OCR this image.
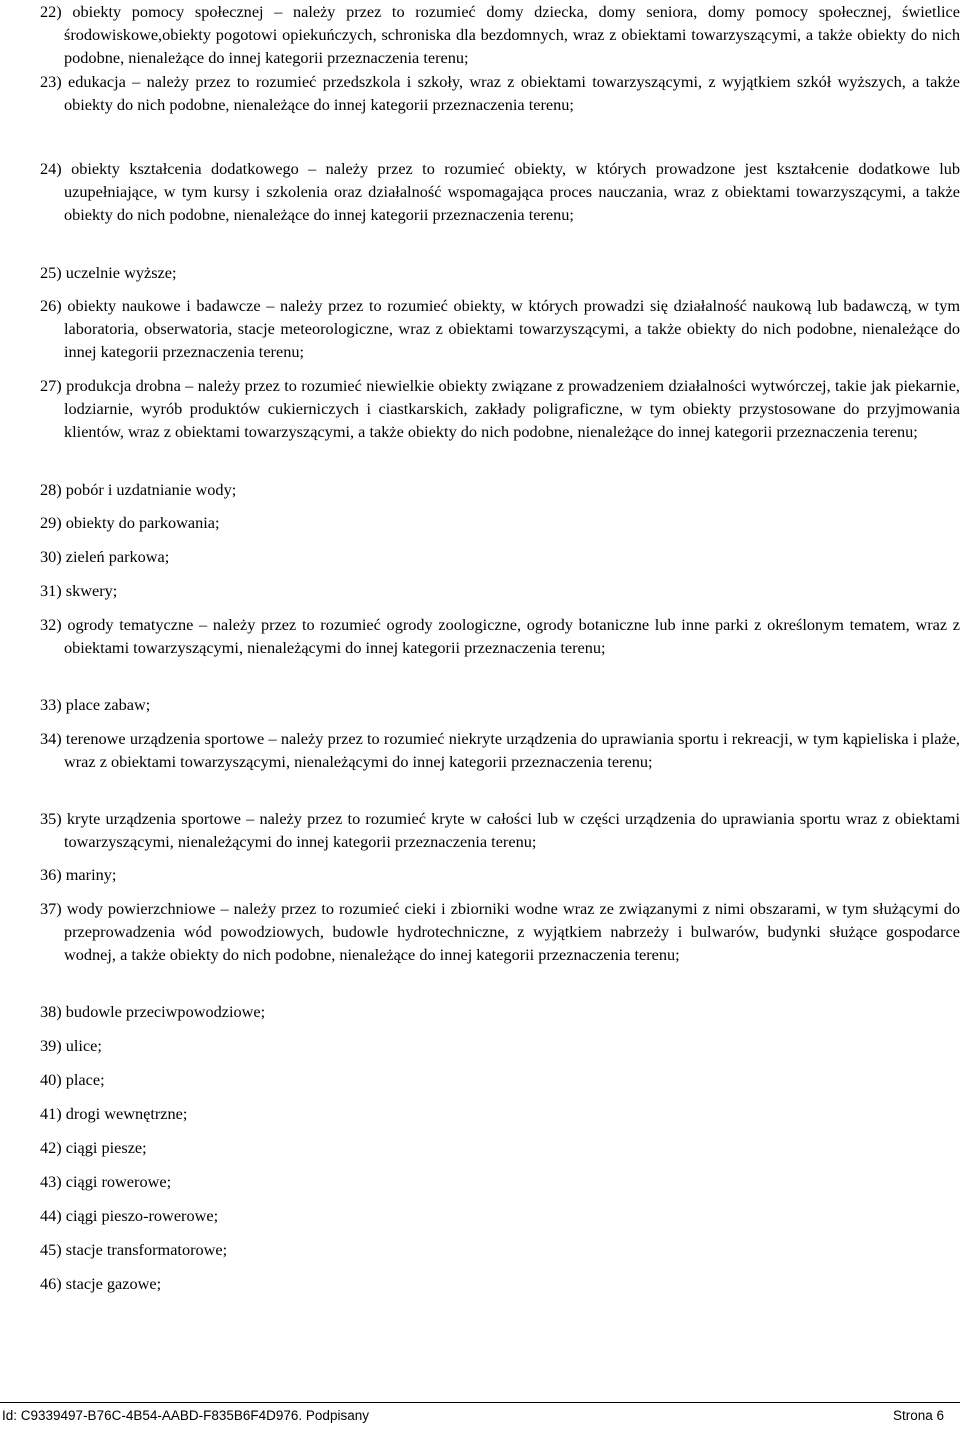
22) obiekty pomocy społecznej – należy przez to rozumieć domy dziecka, domy seniora, domy pomocy społecznej, świetlice środowiskowe,obiekty pogotowi opiekuńczych, schroniska dla bezdomnych, wraz z obiektami towarzyszącymi, a także obiekty do nich podobne, nienależące do innej kategorii przeznaczenia terenu;

23) edukacja – należy przez to rozumieć przedszkola i szkoły, wraz z obiektami towarzyszącymi, z wyjątkiem szkół wyższych, a także obiekty do nich podobne, nienależące do innej kategorii przeznaczenia terenu;

24) obiekty kształcenia dodatkowego – należy przez to rozumieć obiekty, w których prowadzone jest kształcenie dodatkowe lub uzupełniające, w tym kursy i szkolenia oraz działalność wspomagająca proces nauczania, wraz z obiektami towarzyszącymi, a także obiekty do nich podobne, nienależące do innej kategorii przeznaczenia terenu;

25) uczelnie wyższe;

26) obiekty naukowe i badawcze – należy przez to rozumieć obiekty, w których prowadzi się działalność naukową lub badawczą, w tym laboratoria, obserwatoria, stacje meteorologiczne, wraz z obiektami towarzyszącymi, a także obiekty do nich podobne, nienależące do innej kategorii przeznaczenia terenu;

27) produkcja drobna – należy przez to rozumieć niewielkie obiekty związane z prowadzeniem działalności wytwórczej, takie jak piekarnie, lodziarnie, wyrób produktów cukierniczych i ciastkarskich, zakłady poligraficzne, w tym obiekty przystosowane do przyjmowania klientów, wraz z obiektami towarzyszącymi, a także obiekty do nich podobne, nienależące do innej kategorii przeznaczenia terenu;

28) pobór i uzdatnianie wody;

29) obiekty do parkowania;

30) zieleń parkowa;

31) skwery;

32) ogrody tematyczne – należy przez to rozumieć ogrody zoologiczne, ogrody botaniczne lub inne parki z określonym tematem, wraz z obiektami towarzyszącymi, nienależącymi do innej kategorii przeznaczenia terenu;

33) place zabaw;

34) terenowe urządzenia sportowe – należy przez to rozumieć niekryte urządzenia do uprawiania sportu i rekreacji, w tym kąpieliska i plaże, wraz z obiektami towarzyszącymi, nienależącymi do innej kategorii przeznaczenia terenu;

35) kryte urządzenia sportowe – należy przez to rozumieć kryte w całości lub w części urządzenia do uprawiania sportu wraz z obiektami towarzyszącymi, nienależącymi do innej kategorii przeznaczenia terenu;

36) mariny;

37) wody powierzchniowe – należy przez to rozumieć cieki i zbiorniki wodne wraz ze związanymi z nimi obszarami, w tym służącymi do przeprowadzenia wód powodziowych, budowle hydrotechniczne, z wyjątkiem nabrzeży i bulwarów, budynki służące gospodarce wodnej, a także obiekty do nich podobne, nienależące do innej kategorii przeznaczenia terenu;

38) budowle przeciwpowodziowe;

39) ulice;

40) place;

41) drogi wewnętrzne;

42) ciągi piesze;

43) ciągi rowerowe;

44) ciągi pieszo-rowerowe;

45) stacje transformatorowe;

46) stacje gazowe;

Id: C9339497-B76C-4B54-AABD-F835B6F4D976. Podpisany	Strona 6
